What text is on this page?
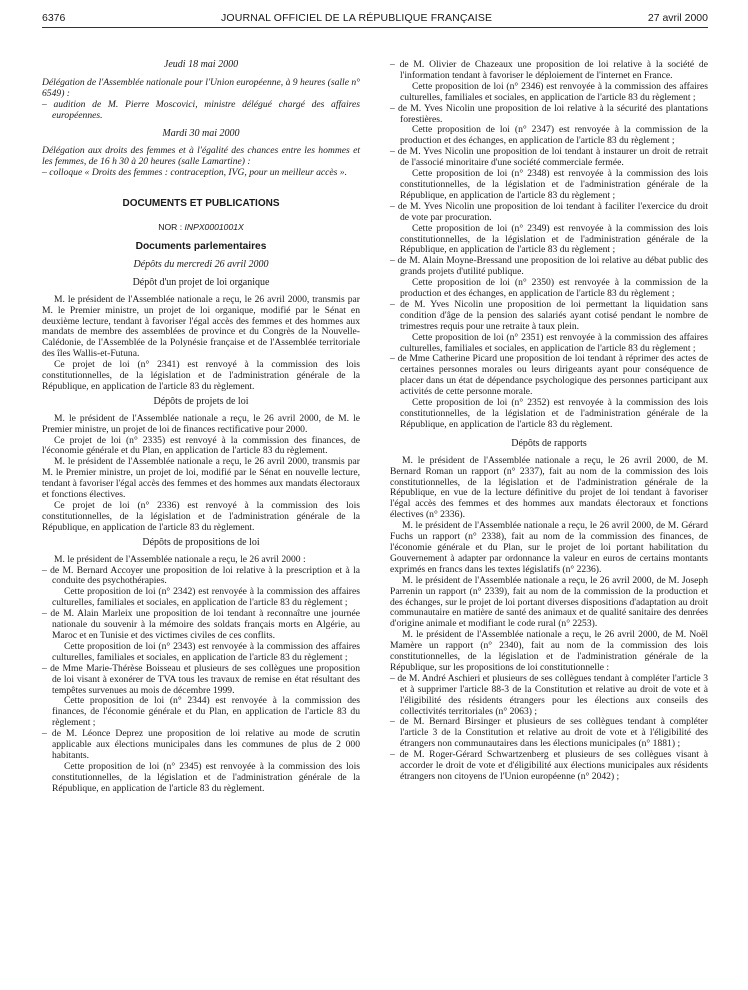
6376	JOURNAL OFFICIEL DE LA RÉPUBLIQUE FRANÇAISE	27 avril 2000
Jeudi 18 mai 2000

Délégation de l'Assemblée nationale pour l'Union européenne, à 9 heures (salle n° 6549) :

– audition de M. Pierre Moscovici, ministre délégué chargé des affaires européennes.

Mardi 30 mai 2000

Délégation aux droits des femmes et à l'égalité des chances entre les hommes et les femmes, de 16 h 30 à 20 heures (salle Lamartine) :

– colloque « Droits des femmes : contraception, IVG, pour un meilleur accès ».

DOCUMENTS ET PUBLICATIONS
NOR : INPX0001001X
Documents parlementaires
Dépôts du mercredi 26 avril 2000
Dépôt d'un projet de loi organique

M. le président de l'Assemblée nationale a reçu, le 26 avril 2000, transmis par M. le Premier ministre, un projet de loi organique, modifié par le Sénat en deuxième lecture, tendant à favoriser l'égal accès des femmes et des hommes aux mandats de membre des assemblées de province et du Congrès de la Nouvelle-Calédonie, de l'Assemblée de la Polynésie française et de l'Assemblée territoriale des îles Wallis-et-Futuna.

Ce projet de loi (n° 2341) est renvoyé à la commission des lois constitutionnelles, de la législation et de l'administration générale de la République, en application de l'article 83 du règlement.

Dépôts de projets de loi

M. le président de l'Assemblée nationale a reçu, le 26 avril 2000, de M. le Premier ministre, un projet de loi de finances rectificative pour 2000.

Ce projet de loi (n° 2335) est renvoyé à la commission des finances, de l'économie générale et du Plan, en application de l'article 83 du règlement.

M. le président de l'Assemblée nationale a reçu, le 26 avril 2000, transmis par M. le Premier ministre, un projet de loi, modifié par le Sénat en nouvelle lecture, tendant à favoriser l'égal accès des femmes et des hommes aux mandats électoraux et fonctions électives.

Ce projet de loi (n° 2336) est renvoyé à la commission des lois constitutionnelles, de la législation et de l'administration générale de la République, en application de l'article 83 du règlement.

Dépôts de propositions de loi

M. le président de l'Assemblée nationale a reçu, le 26 avril 2000 :

– de M. Bernard Accoyer une proposition de loi relative à la prescription et à la conduite des psychothérapies.

Cette proposition de loi (n° 2342) est renvoyée à la commission des affaires culturelles, familiales et sociales, en application de l'article 83 du règlement ;

– de M. Alain Marleix une proposition de loi tendant à reconnaître une journée nationale du souvenir à la mémoire des soldats français morts en Algérie, au Maroc et en Tunisie et des victimes civiles de ces conflits.

Cette proposition de loi (n° 2343) est renvoyée à la commission des affaires culturelles, familiales et sociales, en application de l'article 83 du règlement ;

– de Mme Marie-Thérèse Boisseau et plusieurs de ses collègues une proposition de loi visant à exonérer de TVA tous les travaux de remise en état résultant des tempêtes survenues au mois de décembre 1999.

Cette proposition de loi (n° 2344) est renvoyée à la commission des finances, de l'économie générale et du Plan, en application de l'article 83 du règlement ;

– de M. Léonce Deprez une proposition de loi relative au mode de scrutin applicable aux élections municipales dans les communes de plus de 2 000 habitants.

Cette proposition de loi (n° 2345) est renvoyée à la commission des lois constitutionnelles, de la législation et de l'administration générale de la République, en application de l'article 83 du règlement.

– de M. Olivier de Chazeaux une proposition de loi relative à la société de l'information tendant à favoriser le déploiement de l'internet en France.

Cette proposition de loi (n° 2346) est renvoyée à la commission des affaires culturelles, familiales et sociales, en application de l'article 83 du règlement ;

– de M. Yves Nicolin une proposition de loi relative à la sécurité des plantations forestières.

Cette proposition de loi (n° 2347) est renvoyée à la commission de la production et des échanges, en application de l'article 83 du règlement ;

– de M. Yves Nicolin une proposition de loi tendant à instaurer un droit de retrait de l'associé minoritaire d'une société commerciale fermée.

Cette proposition de loi (n° 2348) est renvoyée à la commission des lois constitutionnelles, de la législation et de l'administration générale de la République, en application de l'article 83 du règlement ;

– de M. Yves Nicolin une proposition de loi tendant à faciliter l'exercice du droit de vote par procuration.

Cette proposition de loi (n° 2349) est renvoyée à la commission des lois constitutionnelles, de la législation et de l'administration générale de la République, en application de l'article 83 du règlement ;

– de M. Alain Moyne-Bressand une proposition de loi relative au débat public des grands projets d'utilité publique.

Cette proposition de loi (n° 2350) est renvoyée à la commission de la production et des échanges, en application de l'article 83 du règlement ;

– de M. Yves Nicolin une proposition de loi permettant la liquidation sans condition d'âge de la pension des salariés ayant cotisé pendant le nombre de trimestres requis pour une retraite à taux plein.

Cette proposition de loi (n° 2351) est renvoyée à la commission des affaires culturelles, familiales et sociales, en application de l'article 83 du règlement ;

– de Mme Catherine Picard une proposition de loi tendant à réprimer des actes de certaines personnes morales ou leurs dirigeants ayant pour conséquence de placer dans un état de dépendance psychologique des personnes participant aux activités de cette personne morale.

Cette proposition de loi (n° 2352) est renvoyée à la commission des lois constitutionnelles, de la législation et de l'administration générale de la République, en application de l'article 83 du règlement.

Dépôts de rapports

M. le président de l'Assemblée nationale a reçu, le 26 avril 2000, de M. Bernard Roman un rapport (n° 2337), fait au nom de la commission des lois constitutionnelles, de la législation et de l'administration générale de la République, en vue de la lecture définitive du projet de loi tendant à favoriser l'égal accès des femmes et des hommes aux mandats électoraux et fonctions électives (n° 2336).

M. le président de l'Assemblée nationale a reçu, le 26 avril 2000, de M. Gérard Fuchs un rapport (n° 2338), fait au nom de la commission des finances, de l'économie générale et du Plan, sur le projet de loi portant habilitation du Gouvernement à adapter par ordonnance la valeur en euros de certains montants exprimés en francs dans les textes législatifs (n° 2236).

M. le président de l'Assemblée nationale a reçu, le 26 avril 2000, de M. Joseph Parrenin un rapport (n° 2339), fait au nom de la commission de la production et des échanges, sur le projet de loi portant diverses dispositions d'adaptation au droit communautaire en matière de santé des animaux et de qualité sanitaire des denrées d'origine animale et modifiant le code rural (n° 2253).

M. le président de l'Assemblée nationale a reçu, le 26 avril 2000, de M. Noël Mamère un rapport (n° 2340), fait au nom de la commission des lois constitutionnelles, de la législation et de l'administration générale de la République, sur les propositions de loi constitutionnelle :

– de M. André Aschieri et plusieurs de ses collègues tendant à compléter l'article 3 et à supprimer l'article 88-3 de la Constitution et relative au droit de vote et à l'éligibilité des résidents étrangers pour les élections aux conseils des collectivités territoriales (n° 2063) ;

– de M. Bernard Birsinger et plusieurs de ses collègues tendant à compléter l'article 3 de la Constitution et relative au droit de vote et à l'éligibilité des étrangers non communautaires dans les élections municipales (n° 1881) ;

– de M. Roger-Gérard Schwartzenberg et plusieurs de ses collègues visant à accorder le droit de vote et d'éligibilité aux élections municipales aux résidents étrangers non citoyens de l'Union européenne (n° 2042) ;
